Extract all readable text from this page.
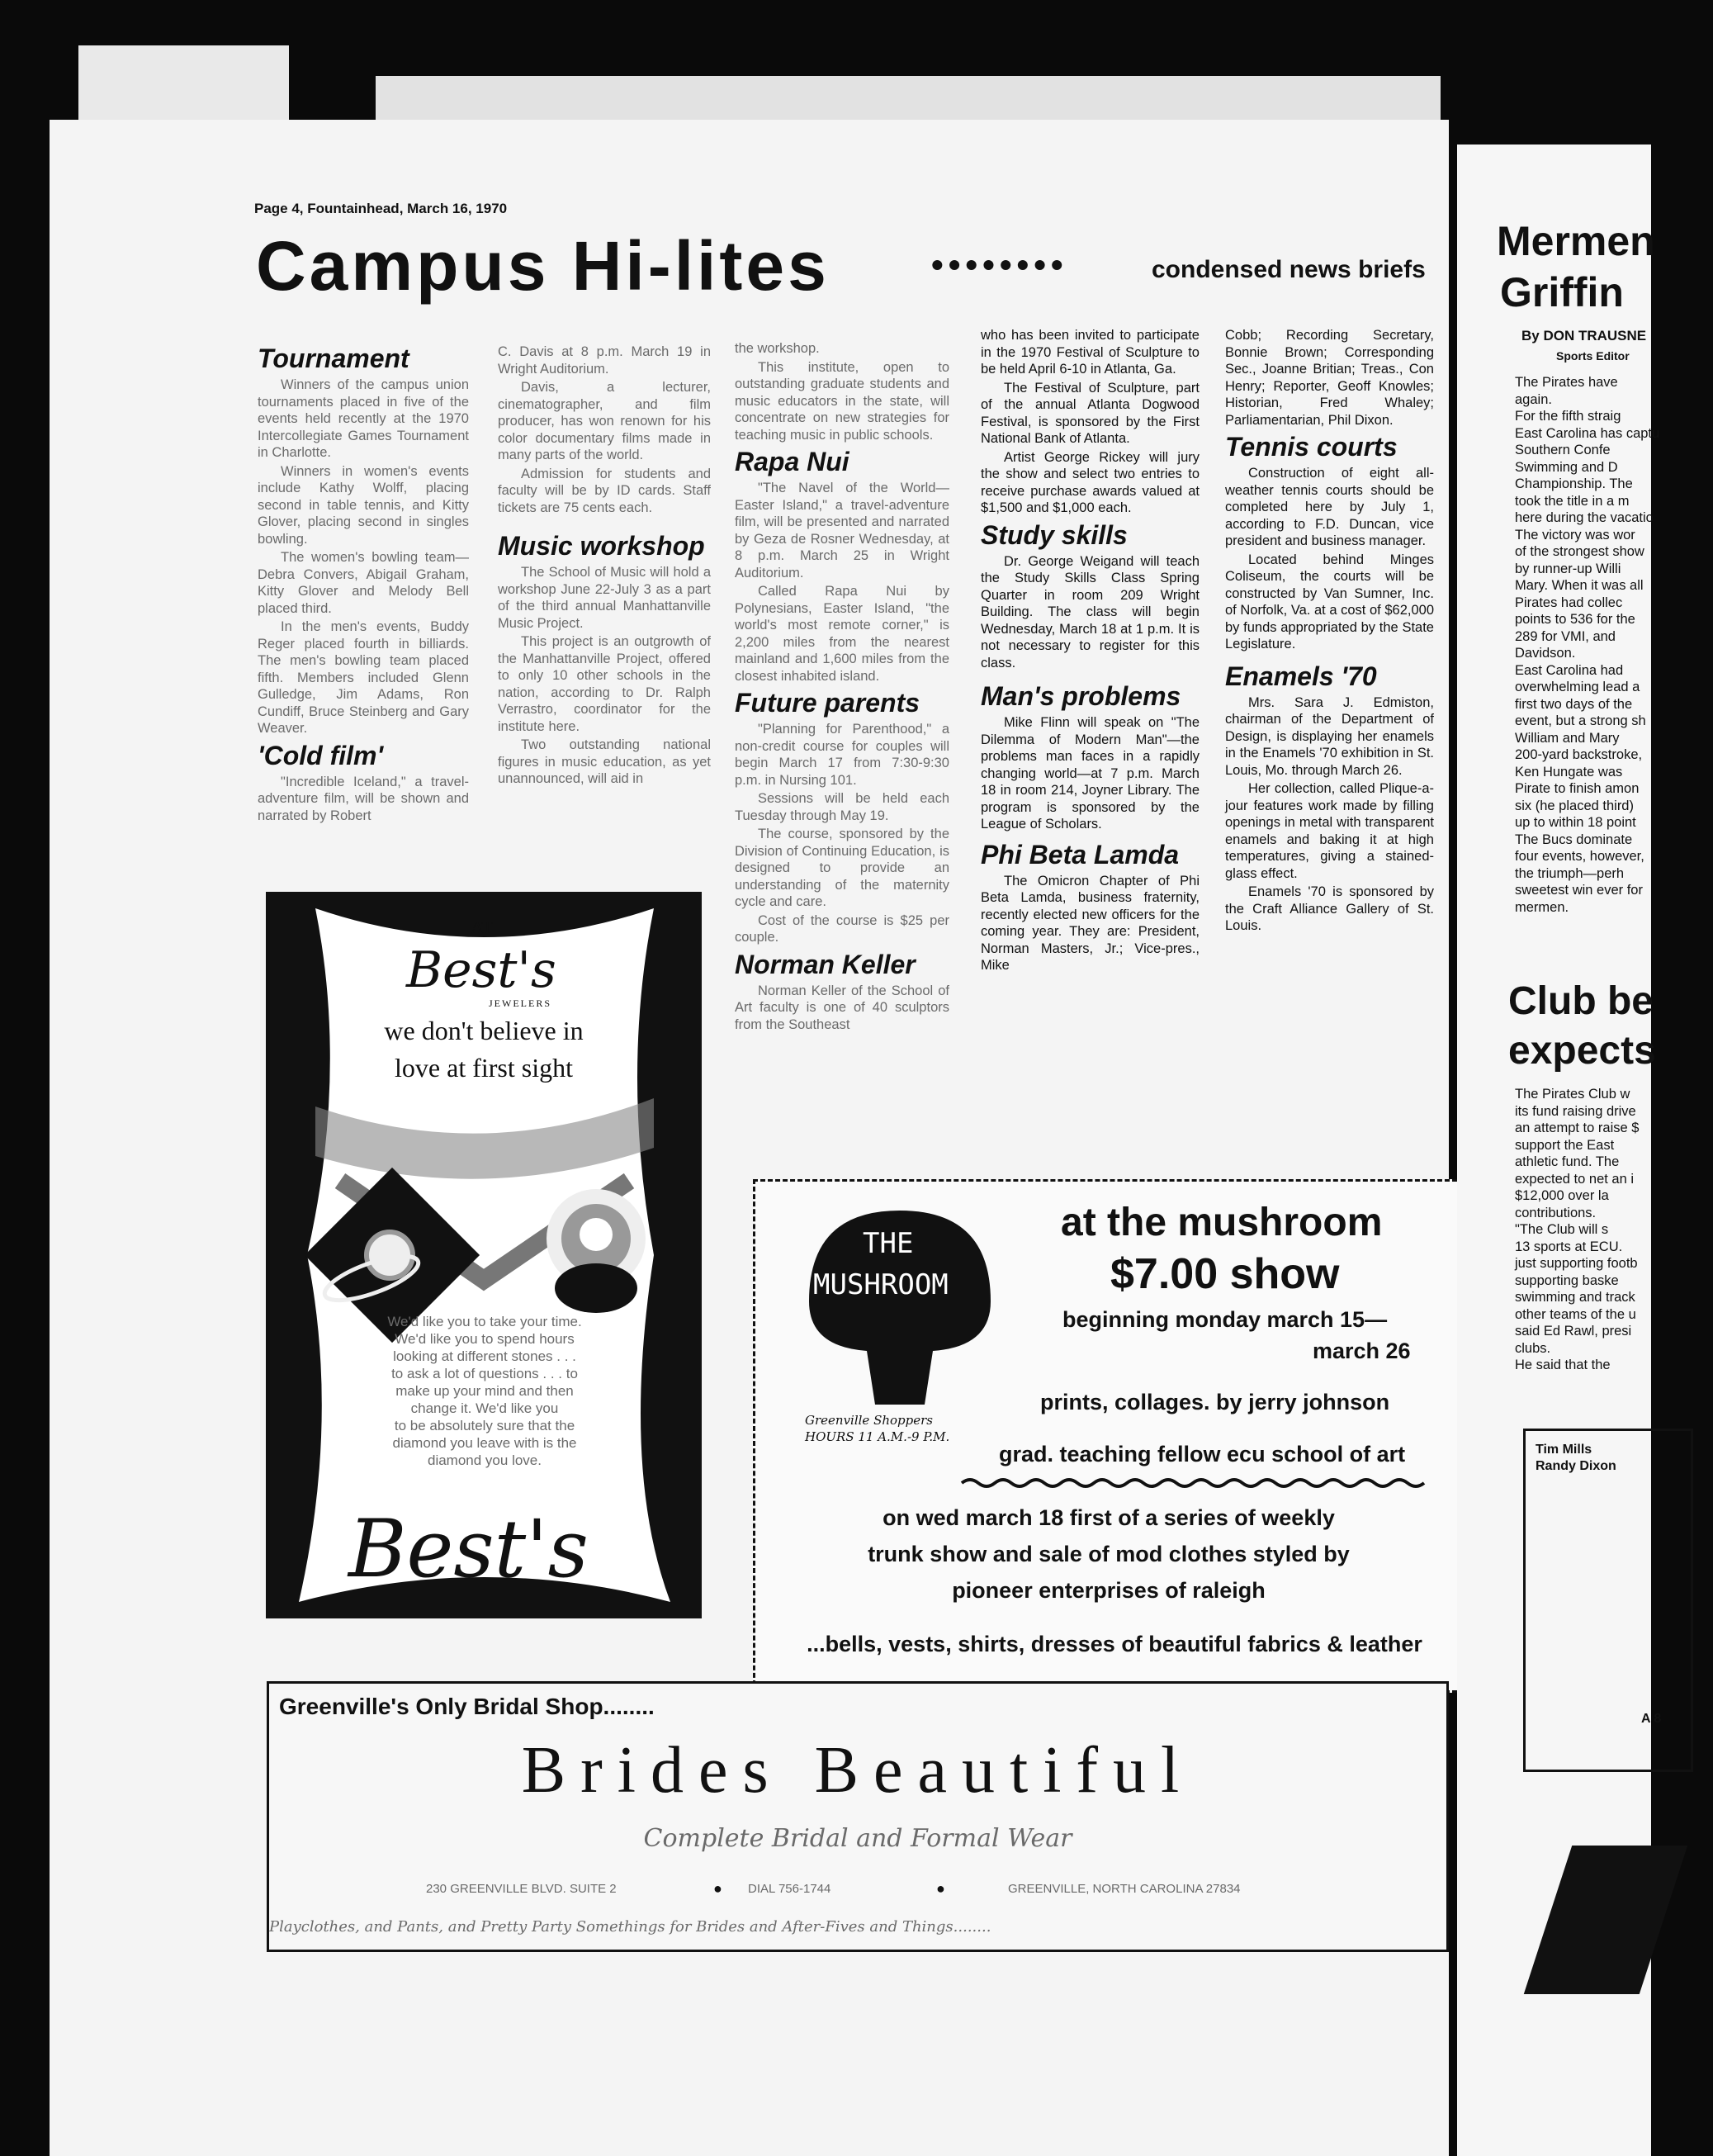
Page 4, Fountainhead, March 16, 1970
Campus Hi-lites	••••••••	condensed news briefs
Tournament

Winners of the campus union tournaments placed in five of the events held recently at the 1970 Intercollegiate Games Tournament in Charlotte.

Winners in women's events include Kathy Wolff, placing second in table tennis, and Kitty Glover, placing second in singles bowling.

The women's bowling team—Debra Convers, Abigail Graham, Kitty Glover and Melody Bell placed third.

In the men's events, Buddy Reger placed fourth in billiards. The men's bowling team placed fifth. Members included Glenn Gulledge, Jim Adams, Ron Cundiff, Bruce Steinberg and Gary Weaver.

'Cold film'

"Incredible Iceland," a travel-adventure film, will be shown and narrated by Robert

C. Davis at 8 p.m. March 19 in Wright Auditorium.

Davis, a lecturer, cinematographer, and film producer, has won renown for his color documentary films made in many parts of the world.

Admission for students and faculty will be by ID cards. Staff tickets are 75 cents each.

Music workshop

The School of Music will hold a workshop June 22-July 3 as a part of the third annual Manhattanville Music Project.

This project is an outgrowth of the Manhattanville Project, offered to only 10 other schools in the nation, according to Dr. Ralph Verrastro, coordinator for the institute here.

Two outstanding national figures in music education, as yet unannounced, will aid in

the workshop.

This institute, open to outstanding graduate students and music educators in the state, will concentrate on new strategies for teaching music in public schools.

Rapa Nui

"The Navel of the World—Easter Island," a travel-adventure film, will be presented and narrated by Geza de Rosner Wednesday, at 8 p.m. March 25 in Wright Auditorium.

Called Rapa Nui by Polynesians, Easter Island, "the world's most remote corner," is 2,200 miles from the nearest mainland and 1,600 miles from the closest inhabited island.

Future parents

"Planning for Parenthood," a non-credit course for couples will begin March 17 from 7:30-9:30 p.m. in Nursing 101.

Sessions will be held each Tuesday through May 19.

The course, sponsored by the Division of Continuing Education, is designed to provide an understanding of the maternity cycle and care.

Cost of the course is $25 per couple.

Norman Keller

Norman Keller of the School of Art faculty is one of 40 sculptors from the Southeast

who has been invited to participate in the 1970 Festival of Sculpture to be held April 6-10 in Atlanta, Ga.

The Festival of Sculpture, part of the annual Atlanta Dogwood Festival, is sponsored by the First National Bank of Atlanta.

Artist George Rickey will jury the show and select two entries to receive purchase awards valued at $1,500 and $1,000 each.

Study skills

Dr. George Weigand will teach the Study Skills Class Spring Quarter in room 209 Wright Building. The class will begin Wednesday, March 18 at 1 p.m. It is not necessary to register for this class.

Man's problems

Mike Flinn will speak on "The Dilemma of Modern Man"—the problems man faces in a rapidly changing world—at 7 p.m. March 18 in room 214, Joyner Library. The program is sponsored by the League of Scholars.

Phi Beta Lamda

The Omicron Chapter of Phi Beta Lamda, business fraternity, recently elected new officers for the coming year. They are: President, Norman Masters, Jr.; Vice-pres., Mike

Cobb; Recording Secretary, Bonnie Brown; Corresponding Sec., Joanne Britian; Treas., Con Henry; Reporter, Geoff Knowles; Historian, Fred Whaley; Parliamentarian, Phil Dixon.

Tennis courts

Construction of eight all-weather tennis courts should be completed here by July 1, according to F.D. Duncan, vice president and business manager.

Located behind Minges Coliseum, the courts will be constructed by Van Sumner, Inc. of Norfolk, Va. at a cost of $62,000 by funds appropriated by the State Legislature.

Enamels '70

Mrs. Sara J. Edmiston, chairman of the Department of Design, is displaying her enamels in the Enamels '70 exhibition in St. Louis, Mo. through March 26.

Her collection, called Plique-a-jour features work made by filling openings in metal with transparent enamels and baking it at high temperatures, giving a stained-glass effect.

Enamels '70 is sponsored by the Craft Alliance Gallery of St. Louis.

AT
Best's
JEWELERS
we don't believe in
love at first sight
We'd like you to take your time.
We'd like you to spend hours
looking at different stones . . .
to ask a lot of questions . . . to
make up your mind and then
change it. We'd like you
to be absolutely sure that the
diamond you leave with is the
diamond you love.
Best's
THE
MUSHROOM
Greenville Shoppers
HOURS 11 A.M.-9 P.M.
at the mushroom
$7.00 show
beginning monday march 15—
march 26
prints, collages. by jerry johnson
grad. teaching fellow ecu school of art
on wed march 18 first of a series of weekly
trunk show and sale of mod clothes styled by
pioneer enterprises of raleigh
...bells, vests, shirts, dresses of beautiful fabrics & leather
Greenville's Only Bridal Shop........
Brides Beautiful
Complete Bridal and Formal Wear
230 GREENVILLE BLVD. SUITE 2	● DIAL 756-1744	●	GREENVILLE, NORTH CAROLINA 27834
Playclothes, and Pants, and Pretty Party Somethings for Brides and After-Fives and Things........
Mermen
Griffin
By DON TRAUSNE
Sports Editor
The Pirates have
again.
For the fifth straig
East Carolina has captu
Southern Confe
Swimming and D
Championship. The
took the title in a m
here during the vacatio
The victory was wor
of the strongest show
by runner-up Willi
Mary. When it was all
Pirates had collec
points to 536 for the
289 for VMI, and
Davidson.
East Carolina had
overwhelming lead a
first two days of the
event, but a strong sh
William and Mary
200-yard backstroke,
Ken Hungate was
Pirate to finish amon
six (he placed third)
up to within 18 point
The Bucs dominate
four events, however,
the triumph—perh
sweetest win ever for
mermen.
Club be
expects
The Pirates Club w
its fund raising drive
an attempt to raise $
support the East
athletic fund. The
expected to net an i
$12,000 over la
contributions.
"The Club will s
13 sports at ECU.
just supporting footb
supporting baske
swimming and track
other teams of the u
said Ed Rawl, presi
clubs.
He said that the
Tim Mills
Randy Dixon
A 8
